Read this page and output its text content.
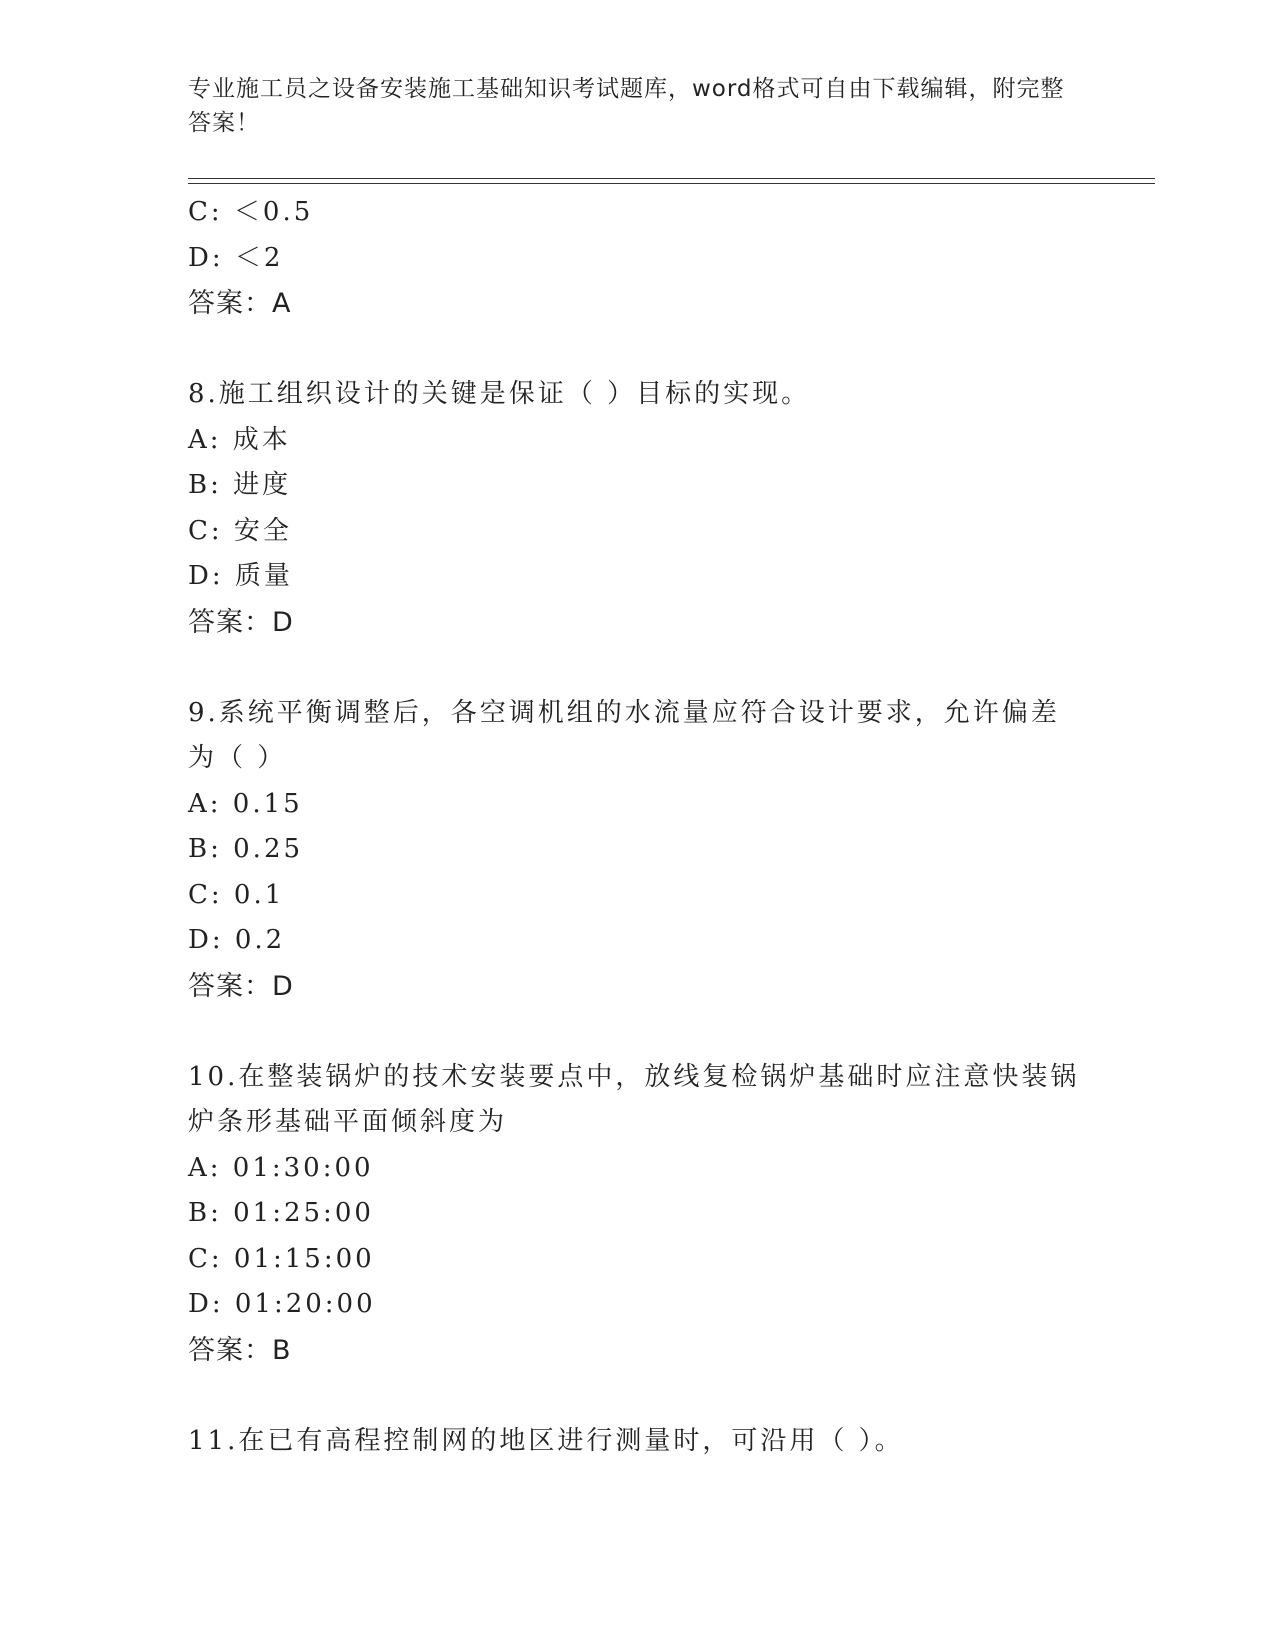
专业施工员之设备安装施工基础知识考试题库，word格式可自由下载编辑，附完整答案！
C: ＜0.5
D: ＜2
答案：A
8.施工组织设计的关键是保证（ ）目标的实现。
A: 成本
B: 进度
C: 安全
D: 质量
答案：D
9.系统平衡调整后，各空调机组的水流量应符合设计要求，允许偏差为（ ）
A: 0.15
B: 0.25
C: 0.1
D: 0.2
答案：D
10.在整装锅炉的技术安装要点中，放线复检锅炉基础时应注意快装锅炉条形基础平面倾斜度为
A: 01:30:00
B: 01:25:00
C: 01:15:00
D: 01:20:00
答案：B
11.在已有高程控制网的地区进行测量时，可沿用（ ）。
